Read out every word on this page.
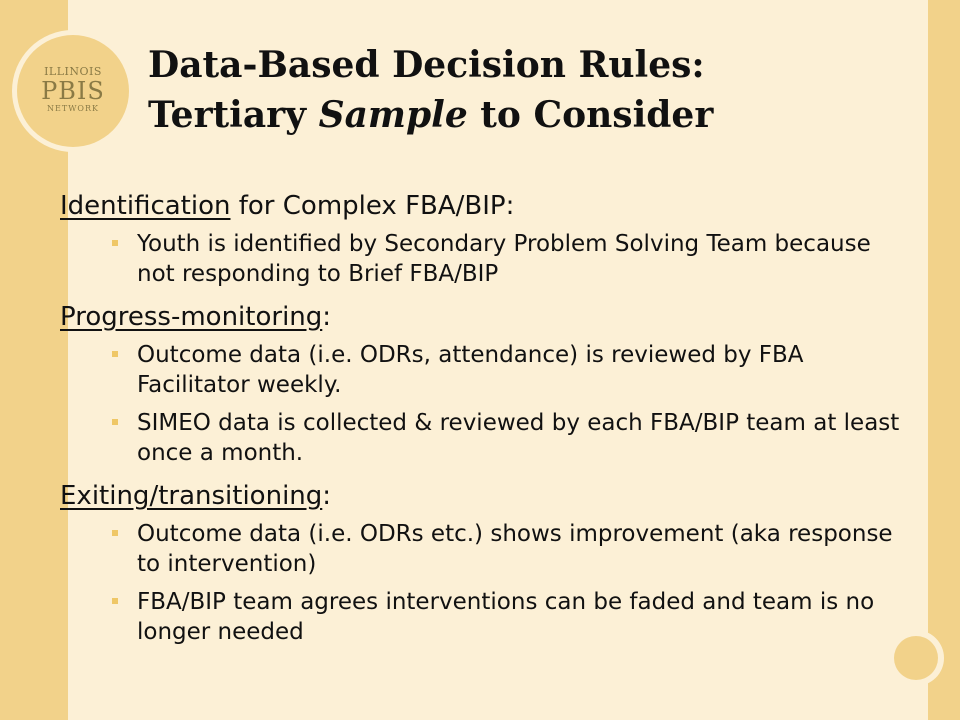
ILLINOIS
PBIS
NETWORK
Data-Based Decision Rules:
Tertiary Sample to Consider

Identification for Complex FBA/BIP:

Youth is identified by Secondary Problem Solving Team because not responding to Brief FBA/BIP

Progress-monitoring:

Outcome data (i.e. ODRs, attendance) is reviewed by FBA Facilitator weekly.
SIMEO data is collected & reviewed by each FBA/BIP team at least once a month.

Exiting/transitioning:

Outcome data (i.e. ODRs etc.) shows improvement (aka response to intervention)
FBA/BIP team agrees interventions can be faded and team is no longer needed
